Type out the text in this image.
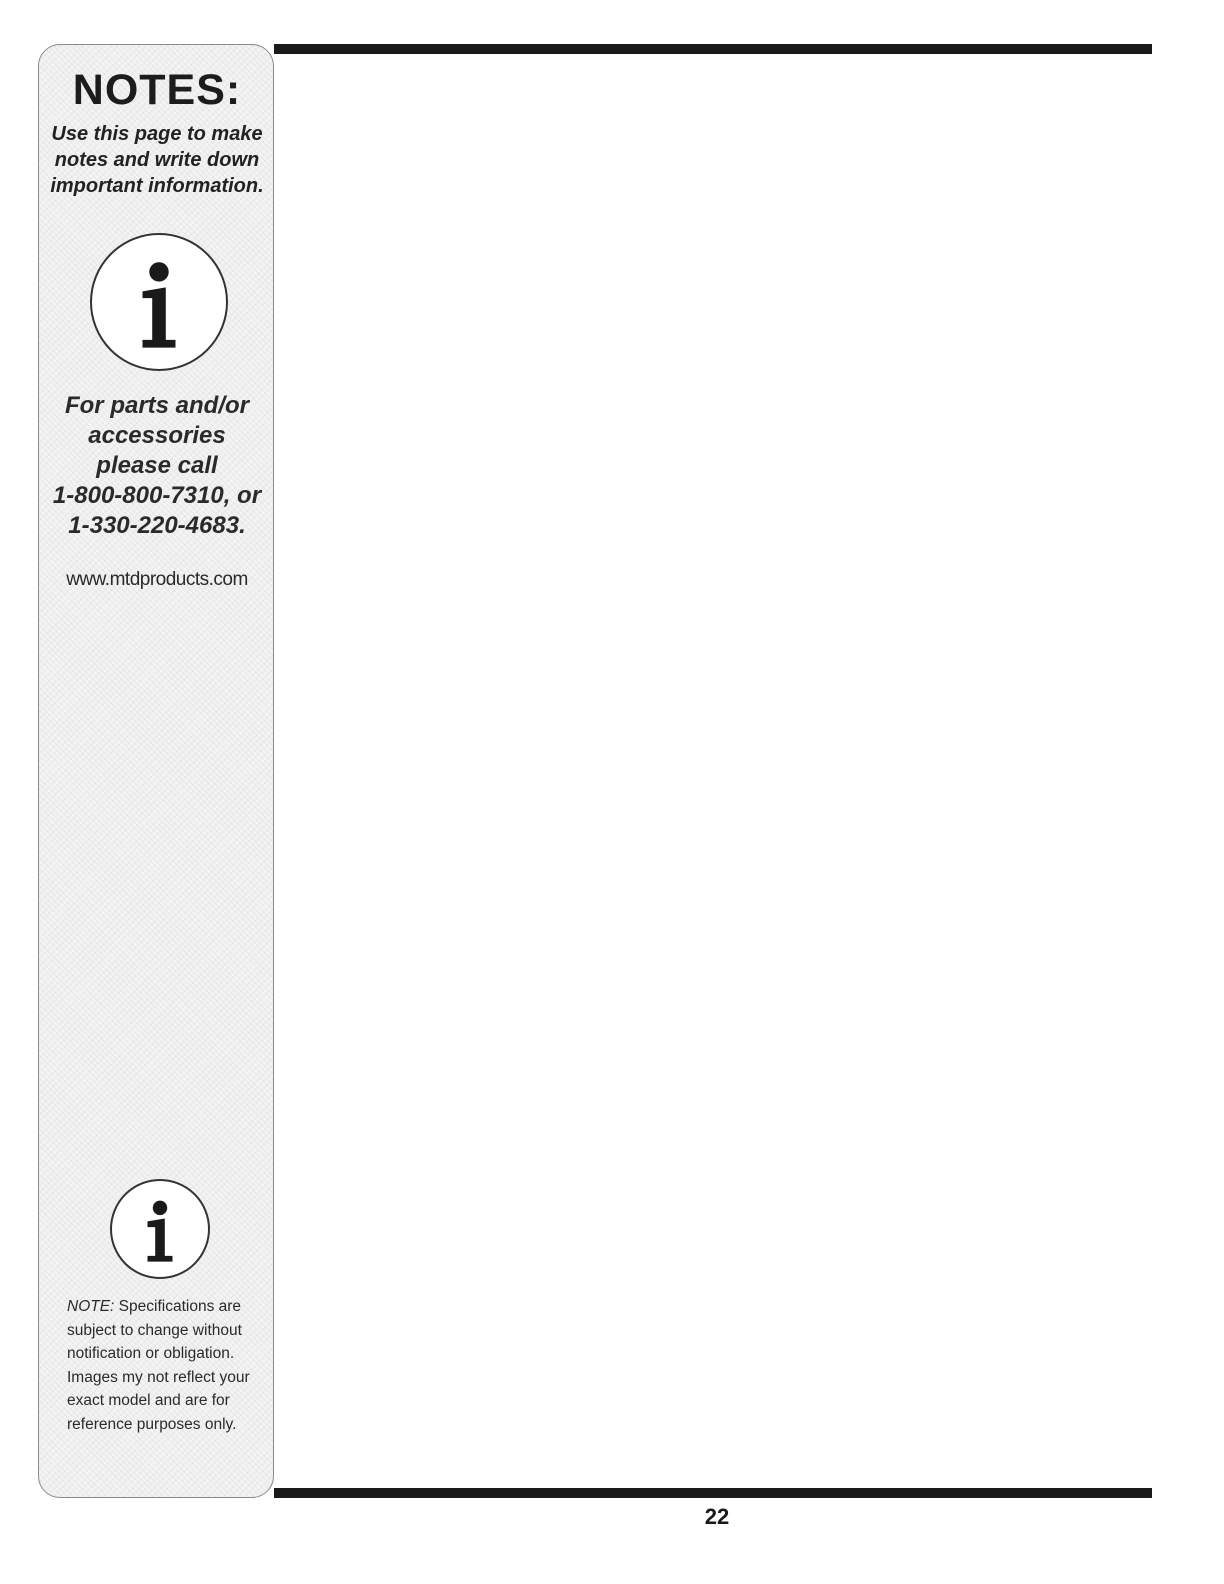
NOTES:
Use this page to make
notes and write down
important information.
For parts and/or
accessories
please call
1-800-800-7310, or
1-330-220-4683.
www.mtdproducts.com
NOTE: Specifications are subject to change without notification or obligation. Images my not reflect your exact model and are for reference purposes only.
22
